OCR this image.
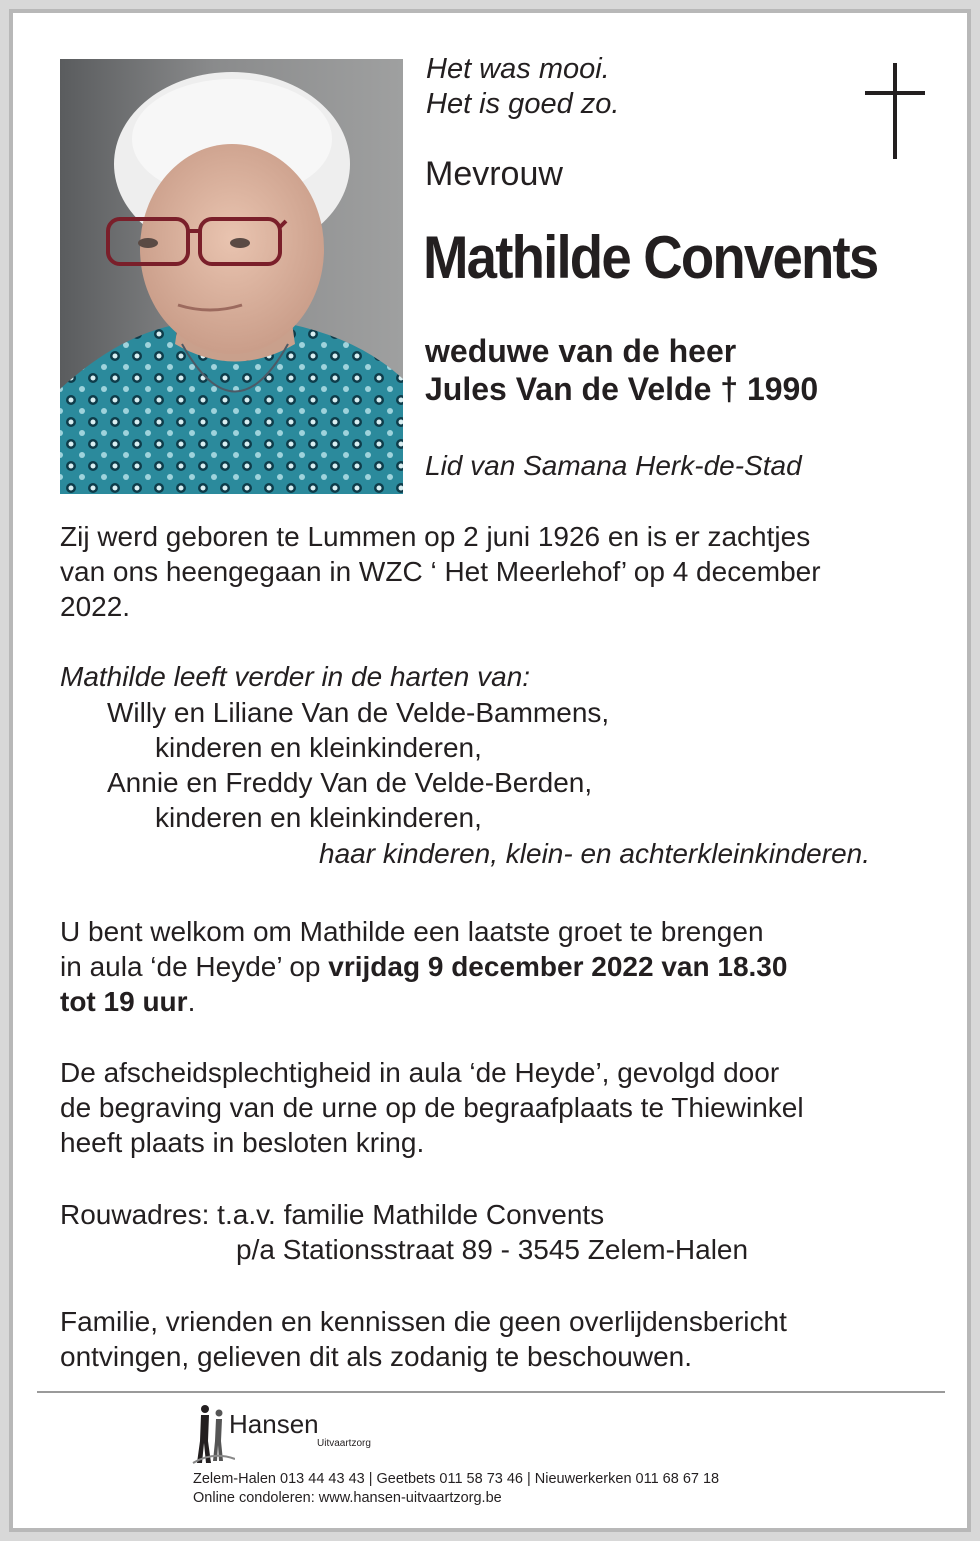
Het was mooi.
Het is goed zo.
Mevrouw
Mathilde Convents
weduwe van de heer
Jules Van de Velde † 1990
Lid van Samana Herk-de-Stad
Zij werd geboren te Lummen op 2 juni 1926 en is er zachtjes
van ons heengegaan in WZC ‘ Het Meerlehof’ op 4 december
2022.
Mathilde leeft verder in de harten van:
Willy en Liliane Van de Velde-Bammens,
kinderen en kleinkinderen,
Annie en Freddy Van de Velde-Berden,
kinderen en kleinkinderen,
haar kinderen, klein- en achterkleinkinderen.
U bent welkom om Mathilde een laatste groet te brengen
in aula ‘de Heyde’ op vrijdag 9 december 2022 van 18.30
tot 19 uur.
De afscheidsplechtigheid in aula ‘de Heyde’, gevolgd door
de begraving van de urne op de begraafplaats te Thiewinkel
heeft plaats in besloten kring.
Rouwadres: t.a.v. familie Mathilde Convents
p/a Stationsstraat 89 - 3545 Zelem-Halen
Familie, vrienden en kennissen die geen overlijdensbericht
ontvingen, gelieven dit als zodanig te beschouwen.
Hansen
Uitvaartzorg
Zelem-Halen 013 44 43 43 | Geetbets 011 58 73 46 | Nieuwerkerken 011 68 67 18
Online condoleren: www.hansen-uitvaartzorg.be
